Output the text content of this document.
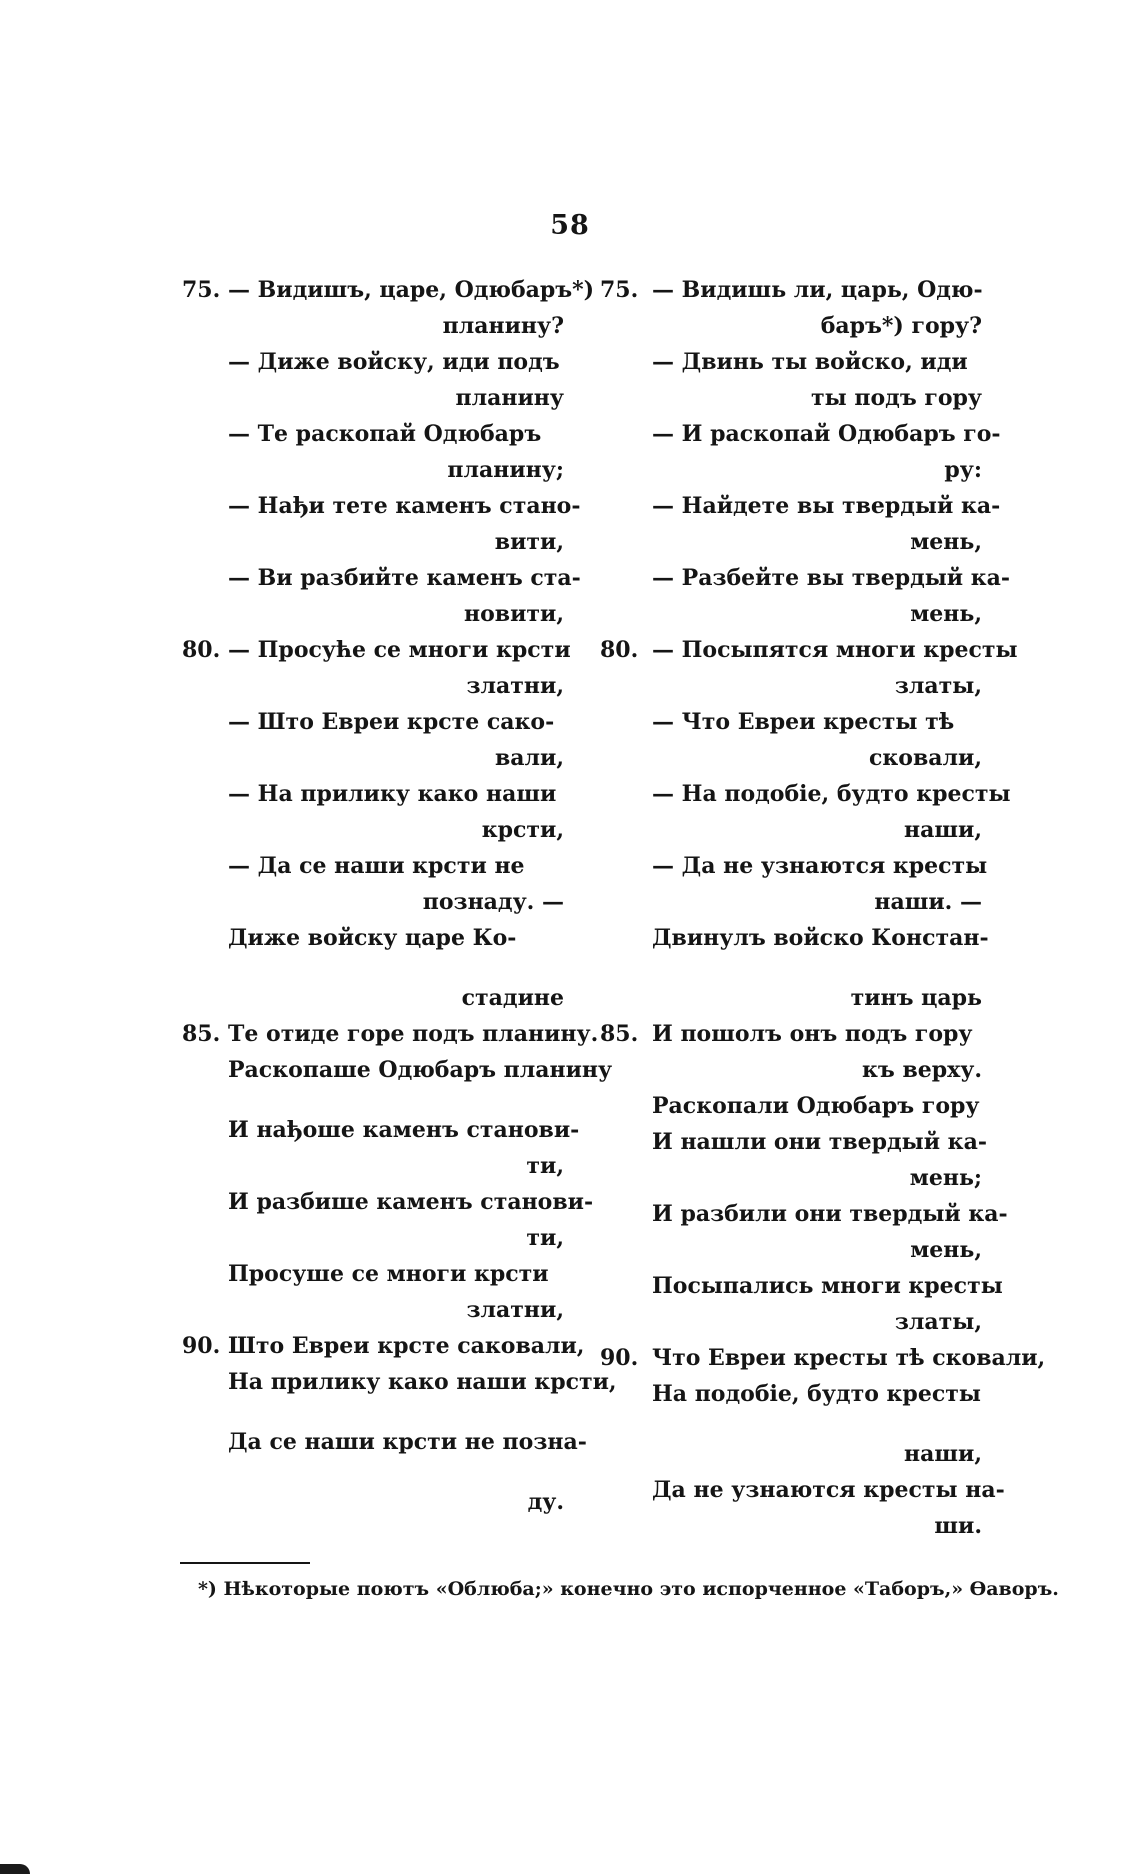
58
75. — Видишъ, царе, Одюбаръ*)
планину?
— Диже войску, иди подъ
планину
— Те раскопай Одюбаръ
планину;
— Нађи тете каменъ стано-
вити,
— Ви разбийте каменъ ста-
новити,
80. — Просуће се многи крсти
златни,
— Што Евреи крсте сако-
вали,
— На прилику како наши
крсти,
— Да се наши крсти не
познаду. —
Диже войску царе Ко-
стадине
85. Те отиде горе подъ планину.
Раскопаше Одюбаръ планину
И нађоше каменъ станови-
ти,
И разбише каменъ станови-
ти,
Просуше се многи крсти
златни,
90. Што Евреи крсте саковали,
На прилику како наши крсти,
Да се наши крсти не позна-
ду.
75. — Видишь ли, царь, Одю-
баръ*) гору?
— Двинь ты войско, иди
ты подъ гору
— И раскопай Одюбаръ го-
ру:
— Найдете вы твердый ка-
мень,
— Разбейте вы твердый ка-
мень,
80. — Посыпятся многи кресты
златы,
— Что Евреи кресты тѣ
сковали,
— На подобіе, будто кресты
наши,
— Да не узнаются кресты
наши. —
Двинулъ войско Констан-
тинъ царь
85. И пошолъ онъ подъ гору
къ верху.
Раскопали Одюбаръ гору
И нашли они твердый ка-
мень;
И разбили они твердый ка-
мень,
Посыпались многи кресты
златы,
90. Что Евреи кресты тѣ сковали,
На подобіе, будто кресты
наши,
Да не узнаются кресты на-
ши.
*) Нѣкоторые поютъ «Облюба;» конечно это испорченное «Таборъ,» Ѳаворъ.
